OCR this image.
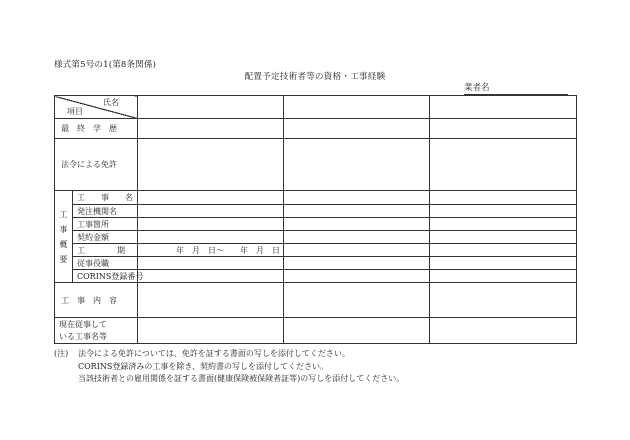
様式第5号の1(第8条関係)
配置予定技術者等の資格・工事経験
業者名
氏名
項目				

最　終　学　歴				
法令による免許				

工
事
概
要	工　　事　　名			
	発注機関名			
	工事箇所			
	契約金額			
	工　　　　期	年　月　日〜　　年　月　日		
	従事役職			
	CORINS登録番号			
工　事　内　容				

現在従事して
いる工事名等				

(注)	法令による免許については、免許を証する書面の写しを添付してください。
CORINS登録済みの工事を除き、契約書の写しを添付してください。
当該技術者との雇用関係を証する書面(健康保険被保険者証等)の写しを添付してください。
